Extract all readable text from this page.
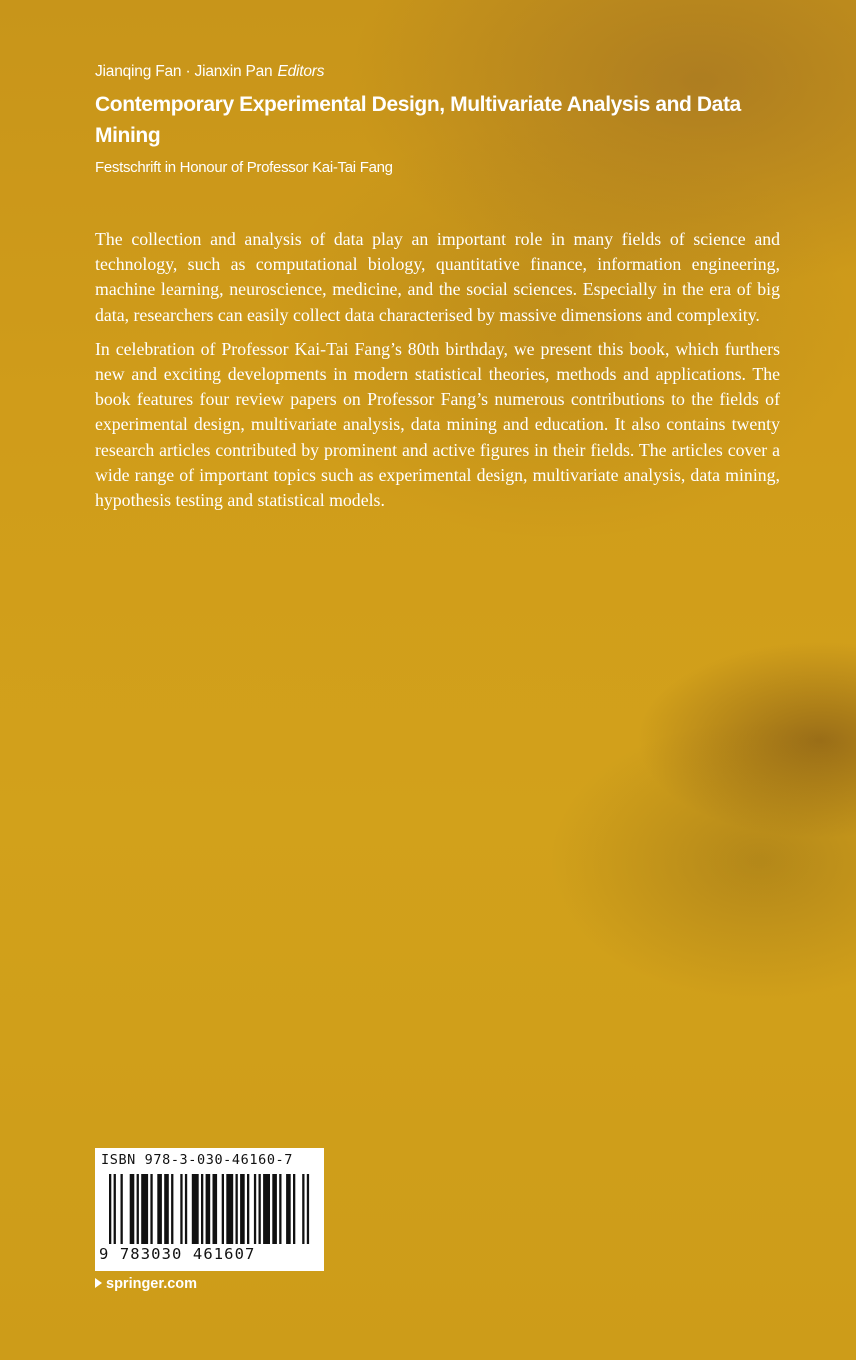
Jianqing Fan · Jianxin Pan Editors
Contemporary Experimental Design, Multivariate Analysis and Data Mining
Festschrift in Honour of Professor Kai-Tai Fang

The collection and analysis of data play an important role in many fields of science and technology, such as computational biology, quantitative finance, information engineering, machine learning, neuroscience, medicine, and the social sciences. Especially in the era of big data, researchers can easily collect data characterised by massive dimensions and complexity.

In celebration of Professor Kai-Tai Fang’s 80th birthday, we present this book, which furthers new and exciting developments in modern statistical theories, methods and applications. The book features four review papers on Professor Fang’s numerous contributions to the fields of experimental design, multivariate analysis, data mining and education. It also contains twenty research articles contributed by prominent and active figures in their fields. The articles cover a wide range of important topics such as experimental design, multivariate analysis, data mining, hypothesis testing and statistical models.

ISBN 978-3-030-46160-7
9 783030 461607
springer.com
